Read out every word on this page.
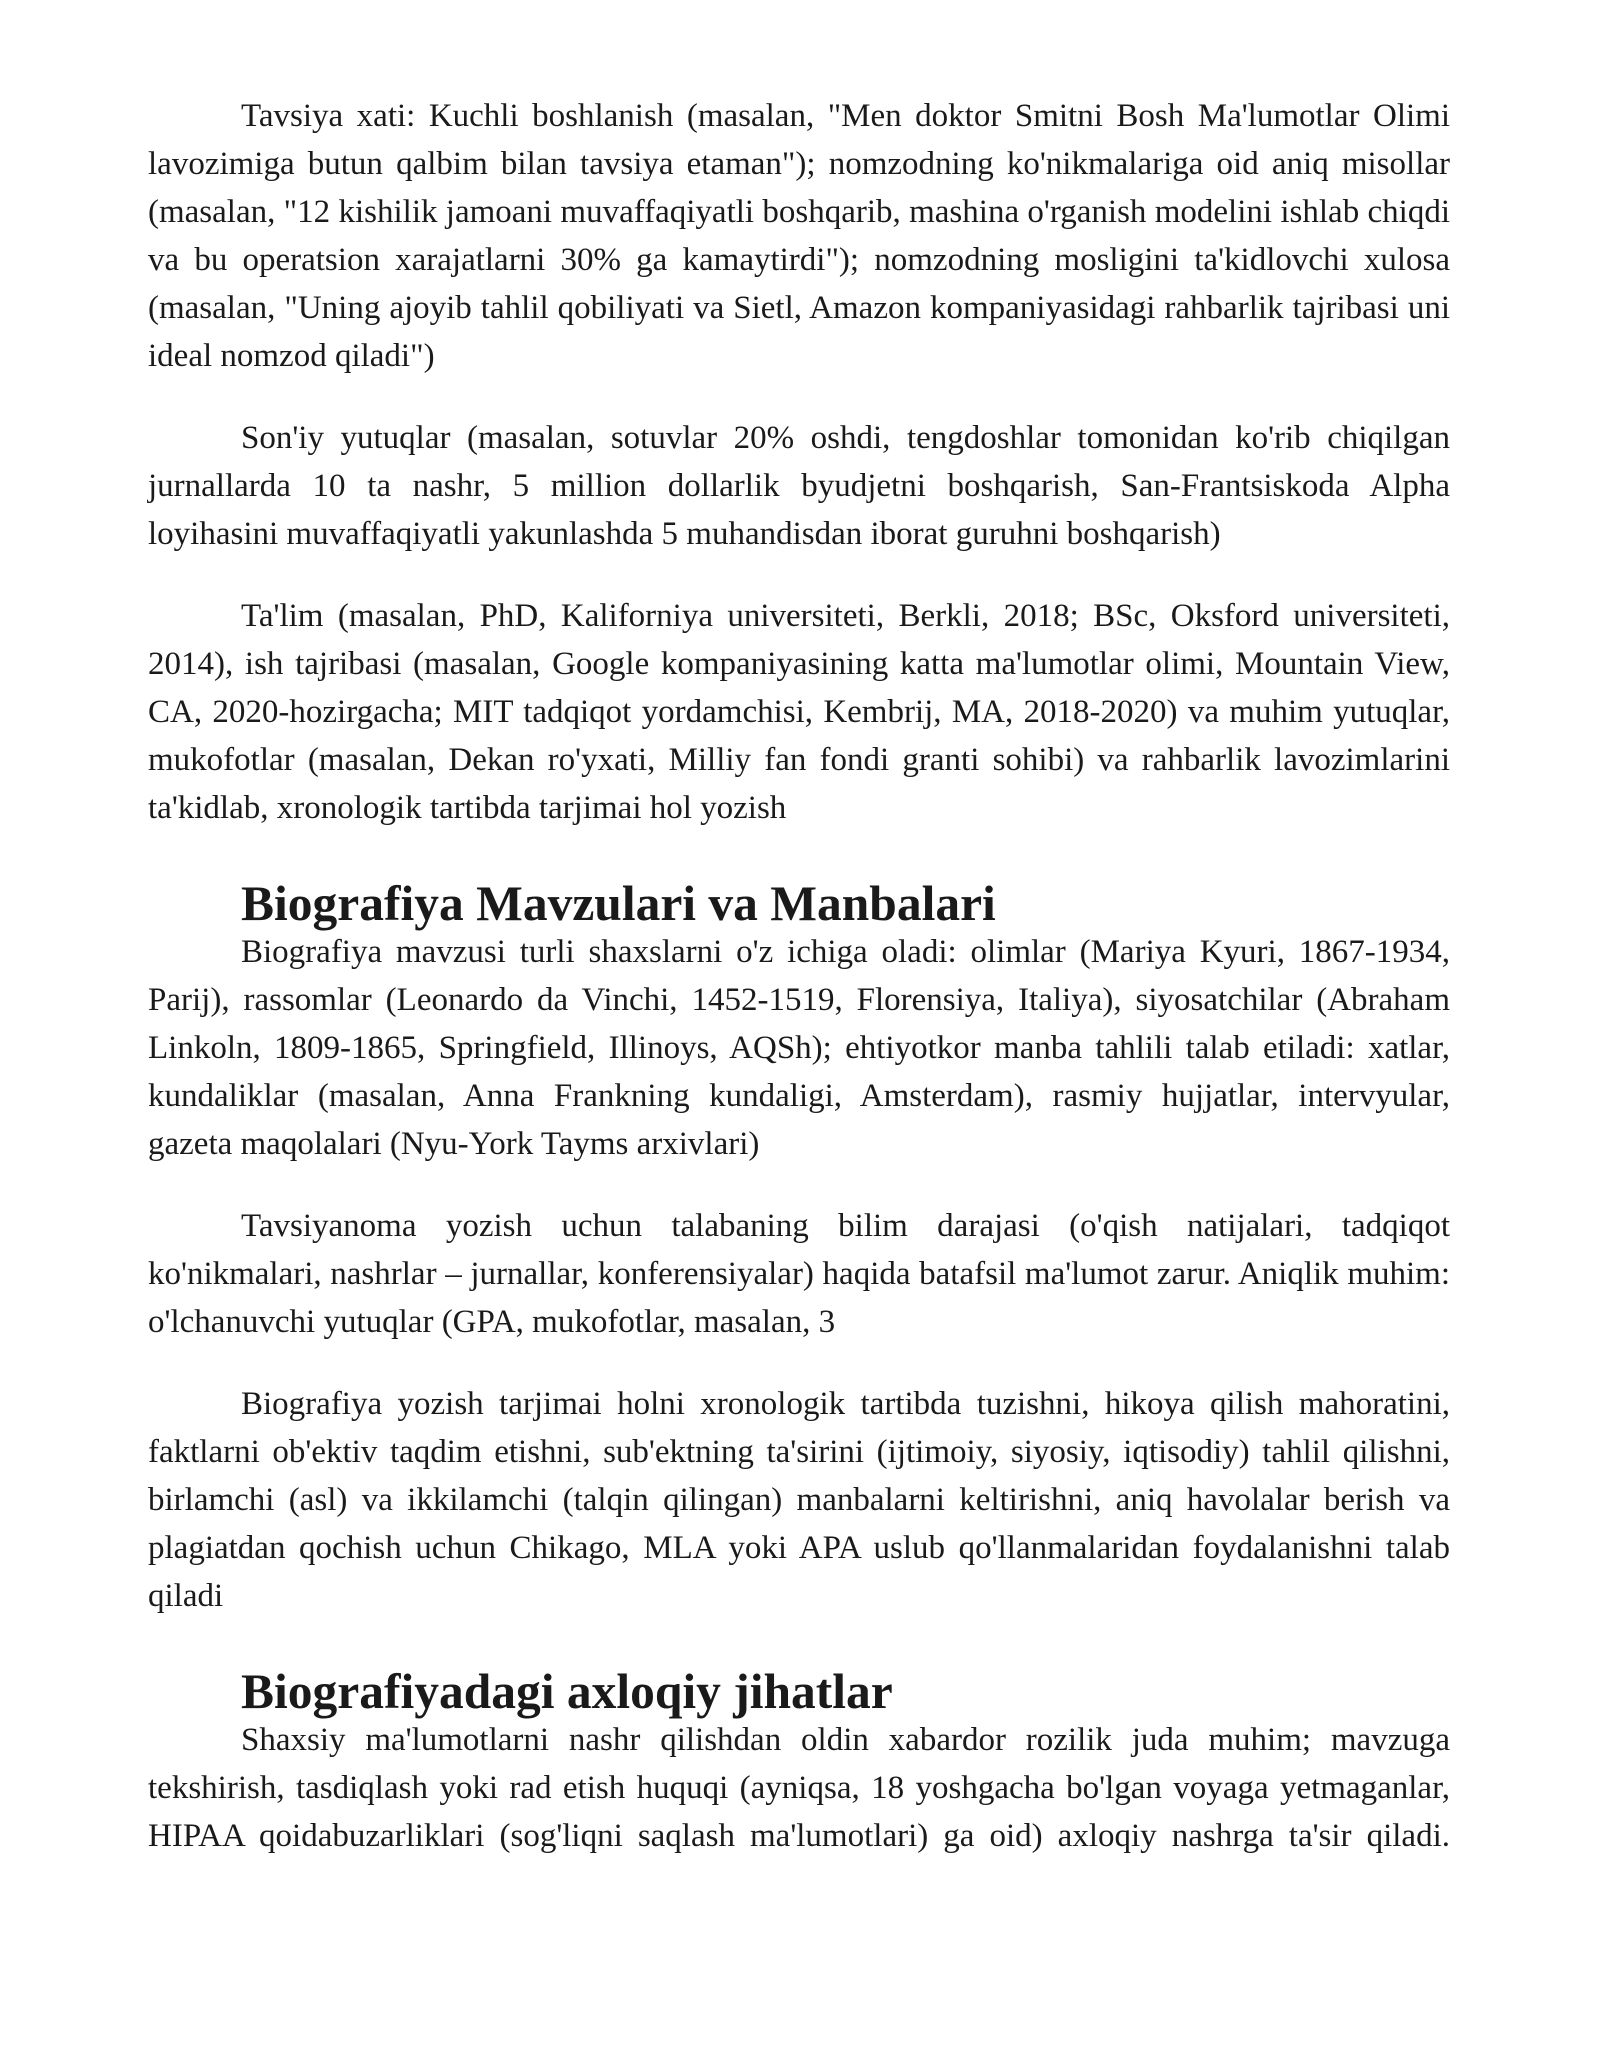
Tavsiya xati: Kuchli boshlanish (masalan, "Men doktor Smitni Bosh Ma'lumotlar Olimi lavozimiga butun qalbim bilan tavsiya etaman"); nomzodning ko'nikmalariga oid aniq misollar (masalan, "12 kishilik jamoani muvaffaqiyatli boshqarib, mashina o'rganish modelini ishlab chiqdi va bu operatsion xarajatlarni 30% ga kamaytirdi"); nomzodning mosligini ta'kidlovchi xulosa (masalan, "Uning ajoyib tahlil qobiliyati va Sietl, Amazon kompaniyasidagi rahbarlik tajribasi uni ideal nomzod qiladi")

Son'iy yutuqlar (masalan, sotuvlar 20% oshdi, tengdoshlar tomonidan ko'rib chiqilgan jurnallarda 10 ta nashr, 5 million dollarlik byudjetni boshqarish, San-Frantsiskoda Alpha loyihasini muvaffaqiyatli yakunlashda 5 muhandisdan iborat guruhni boshqarish)

Ta'lim (masalan, PhD, Kaliforniya universiteti, Berkli, 2018; BSc, Oksford universiteti, 2014), ish tajribasi (masalan, Google kompaniyasining katta ma'lumotlar olimi, Mountain View, CA, 2020-hozirgacha; MIT tadqiqot yordamchisi, Kembrij, MA, 2018-2020) va muhim yutuqlar, mukofotlar (masalan, Dekan ro'yxati, Milliy fan fondi granti sohibi) va rahbarlik lavozimlarini ta'kidlab, xronologik tartibda tarjimai hol yozish

Biografiya Mavzulari va Manbalari

Biografiya mavzusi turli shaxslarni o'z ichiga oladi: olimlar (Mariya Kyuri, 1867-1934, Parij), rassomlar (Leonardo da Vinchi, 1452-1519, Florensiya, Italiya), siyosatchilar (Abraham Linkoln, 1809-1865, Springfield, Illinoys, AQSh); ehtiyotkor manba tahlili talab etiladi: xatlar, kundaliklar (masalan, Anna Frankning kundaligi, Amsterdam), rasmiy hujjatlar, intervyular, gazeta maqolalari (Nyu-York Tayms arxivlari)

Tavsiyanoma yozish uchun talabaning bilim darajasi (o'qish natijalari, tadqiqot ko'nikmalari, nashrlar – jurnallar, konferensiyalar) haqida batafsil ma'lumot zarur. Aniqlik muhim: o'lchanuvchi yutuqlar (GPA, mukofotlar, masalan, 3

Biografiya yozish tarjimai holni xronologik tartibda tuzishni, hikoya qilish mahoratini, faktlarni ob'ektiv taqdim etishni, sub'ektning ta'sirini (ijtimoiy, siyosiy, iqtisodiy) tahlil qilishni, birlamchi (asl) va ikkilamchi (talqin qilingan) manbalarni keltirishni, aniq havolalar berish va plagiatdan qochish uchun Chikago, MLA yoki APA uslub qo'llanmalaridan foydalanishni talab qiladi

Biografiyadagi axloqiy jihatlar

Shaxsiy ma'lumotlarni nashr qilishdan oldin xabardor rozilik juda muhim; mavzuga tekshirish, tasdiqlash yoki rad etish huquqi (ayniqsa, 18 yoshgacha bo'lgan voyaga yetmaganlar, HIPAA qoidabuzarliklari (sog'liqni saqlash ma'lumotlari) ga oid) axloqiy nashrga ta'sir qiladi.
